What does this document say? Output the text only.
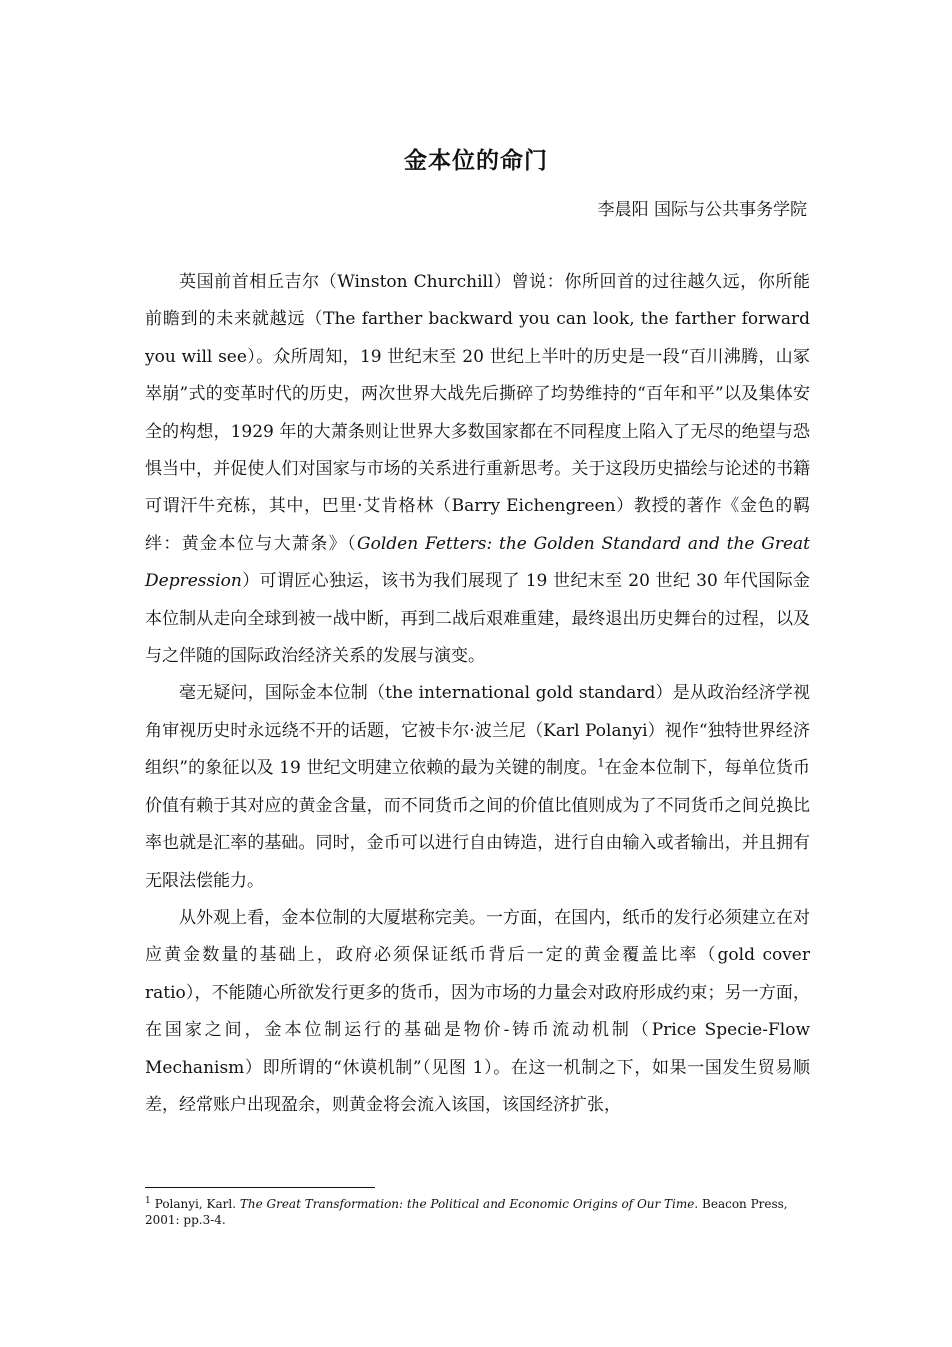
金本位的命门
李晨阳 国际与公共事务学院

英国前首相丘吉尔（Winston Churchill）曾说：你所回首的过往越久远，你所能前瞻到的未来就越远（The farther backward you can look, the farther forward you will see）。众所周知，19 世纪末至 20 世纪上半叶的历史是一段“百川沸腾，山冢崒崩”式的变革时代的历史，两次世界大战先后撕碎了均势维持的“百年和平”以及集体安全的构想，1929 年的大萧条则让世界大多数国家都在不同程度上陷入了无尽的绝望与恐惧当中，并促使人们对国家与市场的关系进行重新思考。关于这段历史描绘与论述的书籍可谓汗牛充栋，其中，巴里·艾肯格林（Barry Eichengreen）教授的著作《金色的羁绊：黄金本位与大萧条》（Golden Fetters: the Golden Standard and the Great Depression）可谓匠心独运，该书为我们展现了 19 世纪末至 20 世纪 30 年代国际金本位制从走向全球到被一战中断，再到二战后艰难重建，最终退出历史舞台的过程，以及与之伴随的国际政治经济关系的发展与演变。

毫无疑问，国际金本位制（the international gold standard）是从政治经济学视角审视历史时永远绕不开的话题，它被卡尔·波兰尼（Karl Polanyi）视作“独特世界经济组织”的象征以及 19 世纪文明建立依赖的最为关键的制度。$^1$在金本位制下，每单位货币价值有赖于其对应的黄金含量，而不同货币之间的价值比值则成为了不同货币之间兑换比率也就是汇率的基础。同时，金币可以进行自由铸造，进行自由输入或者输出，并且拥有无限法偿能力。

从外观上看，金本位制的大厦堪称完美。一方面，在国内，纸币的发行必须建立在对应黄金数量的基础上，政府必须保证纸币背后一定的黄金覆盖比率（gold cover ratio），不能随心所欲发行更多的货币，因为市场的力量会对政府形成约束；另一方面，在国家之间，金本位制运行的基础是物价-铸币流动机制（Price Specie-Flow Mechanism）即所谓的“休谟机制”（见图 1）。在这一机制之下，如果一国发生贸易顺差，经常账户出现盈余，则黄金将会流入该国，该国经济扩张，

$^1$ Polanyi, Karl. The Great Transformation: the Political and Economic Origins of Our Time. Beacon Press, 2001: pp.3-4.
